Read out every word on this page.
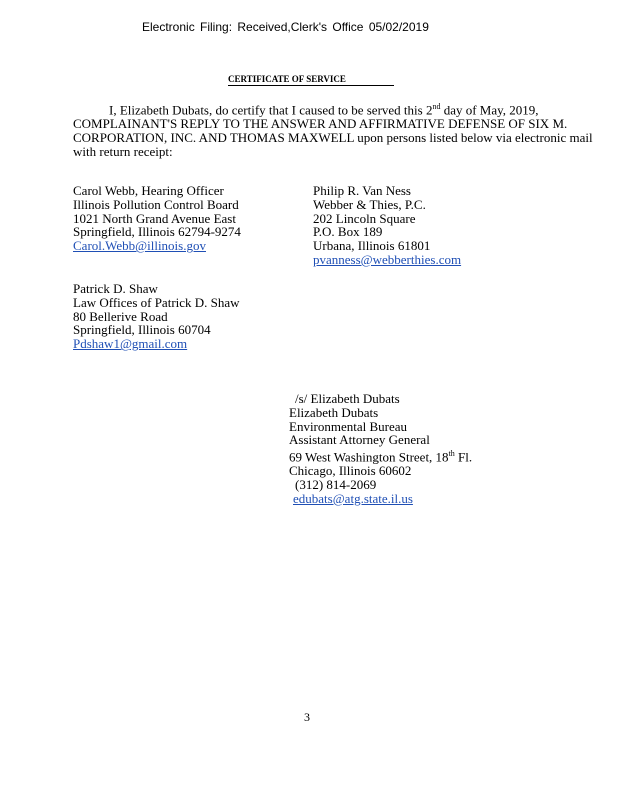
Electronic Filing: Received,Clerk's Office 05/02/2019
CERTIFICATE OF SERVICE
I, Elizabeth Dubats, do certify that I caused to be served this 2nd day of May, 2019, COMPLAINANT'S REPLY TO THE ANSWER AND AFFIRMATIVE DEFENSE OF SIX M. CORPORATION, INC. AND THOMAS MAXWELL upon persons listed below via electronic mail with return receipt:
Carol Webb, Hearing Officer
Illinois Pollution Control Board
1021 North Grand Avenue East
Springfield, Illinois 62794-9274
Carol.Webb@illinois.gov
Philip R. Van Ness
Webber & Thies, P.C.
202 Lincoln Square
P.O. Box 189
Urbana, Illinois 61801
pvanness@webberthies.com
Patrick D. Shaw
Law Offices of Patrick D. Shaw
80 Bellerive Road
Springfield, Illinois 60704
Pdshaw1@gmail.com
/s/ Elizabeth Dubats
Elizabeth Dubats
Environmental Bureau
Assistant Attorney General
69 West Washington Street, 18th Fl.
Chicago, Illinois 60602
(312) 814-2069
edubats@atg.state.il.us
3
